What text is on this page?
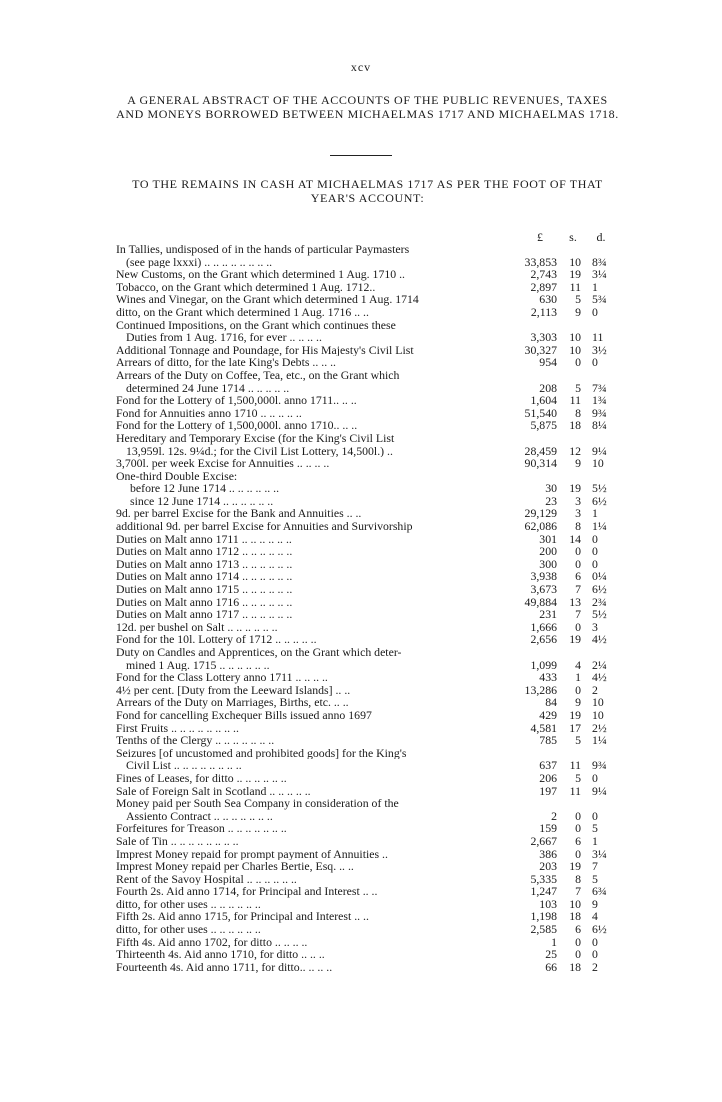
xcv
A GENERAL ABSTRACT OF THE ACCOUNTS OF THE PUBLIC REVENUES, TAXES AND MONEYS BORROWED BETWEEN MICHAELMAS 1717 AND MICHAELMAS 1718.
TO THE REMAINS IN CASH AT MICHAELMAS 1717 AS PER THE FOOT OF THAT YEAR'S ACCOUNT:
£	s.	d.
In Tallies, undisposed of in the hands of particular Paymasters
(see page lxxxi) .. .. .. .. .. .. .. ..	33,853	10 8¾
New Customs, on the Grant which determined 1 Aug. 1710 ..	2,743	19 3¼
Tobacco, on the Grant which determined 1 Aug. 1712..	2,897	11 1
Wines and Vinegar, on the Grant which determined 1 Aug. 1714	630	5 5¾
ditto, on the Grant which determined 1 Aug. 1716 .. ..	2,113	9 0
Continued Impositions, on the Grant which continues these
Duties from 1 Aug. 1716, for ever .. .. .. ..	3,303	10 11
Additional Tonnage and Poundage, for His Majesty's Civil List	30,327	10 3½
Arrears of ditto, for the late King's Debts .. .. ..	954	0 0
Arrears of the Duty on Coffee, Tea, etc., on the Grant which
determined 24 June 1714 .. .. .. .. ..	208	5 7¾
Fond for the Lottery of 1,500,000l. anno 1711.. .. ..	1,604	11 1¾
Fond for Annuities anno 1710 .. .. .. .. ..	51,540	8 9¾
Fond for the Lottery of 1,500,000l. anno 1710.. .. ..	5,875	18 8¼
Hereditary and Temporary Excise (for the King's Civil List
13,959l. 12s. 9¼d.; for the Civil List Lottery, 14,500l.) ..	28,459	12 9¼
3,700l. per week Excise for Annuities .. .. .. ..	90,314	9 10
One-third Double Excise:
before 12 June 1714 .. .. .. .. .. ..	30	19 5½
since 12 June 1714 .. .. .. .. .. ..	23	3 6½
9d. per barrel Excise for the Bank and Annuities .. ..	29,129	3 1
additional 9d. per barrel Excise for Annuities and Survivorship	62,086	8 1¼
Duties on Malt anno 1711 .. .. .. .. .. ..	301	14 0
Duties on Malt anno 1712 .. .. .. .. .. ..	200	0 0
Duties on Malt anno 1713 .. .. .. .. .. ..	300	0 0
Duties on Malt anno 1714 .. .. .. .. .. ..	3,938	6 0¼
Duties on Malt anno 1715 .. .. .. .. .. ..	3,673	7 6½
Duties on Malt anno 1716 .. .. .. .. .. ..	49,884	13 2¾
Duties on Malt anno 1717 .. .. .. .. .. ..	231	7 5½
12d. per bushel on Salt .. .. .. .. .. ..	1,666	0 3
Fond for the 10l. Lottery of 1712 .. .. .. .. ..	2,656	19 4½
Duty on Candles and Apprentices, on the Grant which deter-
mined 1 Aug. 1715 .. .. .. .. .. ..	1,099	4 2¼
Fond for the Class Lottery anno 1711 .. .. .. ..	433	1 4½
4½ per cent. [Duty from the Leeward Islands] .. ..	13,286	0 2
Arrears of the Duty on Marriages, Births, etc. .. ..	84	9 10
Fond for cancelling Exchequer Bills issued anno 1697	429	19 10
First Fruits .. .. .. .. .. .. .. ..	4,581	17 2½
Tenths of the Clergy .. .. .. .. .. .. ..	785	5 1¼
Seizures [of uncustomed and prohibited goods] for the King's
Civil List .. .. .. .. .. .. .. ..	637	11 9¾
Fines of Leases, for ditto .. .. .. .. .. ..	206	5 0
Sale of Foreign Salt in Scotland .. .. .. .. ..	197	11 9¼
Money paid per South Sea Company in consideration of the
Assiento Contract .. .. .. .. .. .. ..	2	0 0
Forfeitures for Treason .. .. .. .. .. .. ..	159	0 5
Sale of Tin .. .. .. .. .. .. .. ..	2,667	6 1
Imprest Money repaid for prompt payment of Annuities ..	386	0 3¼
Imprest Money repaid per Charles Bertie, Esq. .. ..	203	19 7
Rent of the Savoy Hospital .. .. .. .. .. ..	5,335	8 5
Fourth 2s. Aid anno 1714, for Principal and Interest .. ..	1,247	7 6¾
ditto, for other uses .. .. .. .. .. ..	103	10 9
Fifth 2s. Aid anno 1715, for Principal and Interest .. ..	1,198	18 4
ditto, for other uses .. .. .. .. .. ..	2,585	6 6½
Fifth 4s. Aid anno 1702, for ditto .. .. .. ..	1	0 0
Thirteenth 4s. Aid anno 1710, for ditto .. .. ..	25	0 0
Fourteenth 4s. Aid anno 1711, for ditto.. .. .. ..	66	18 2
